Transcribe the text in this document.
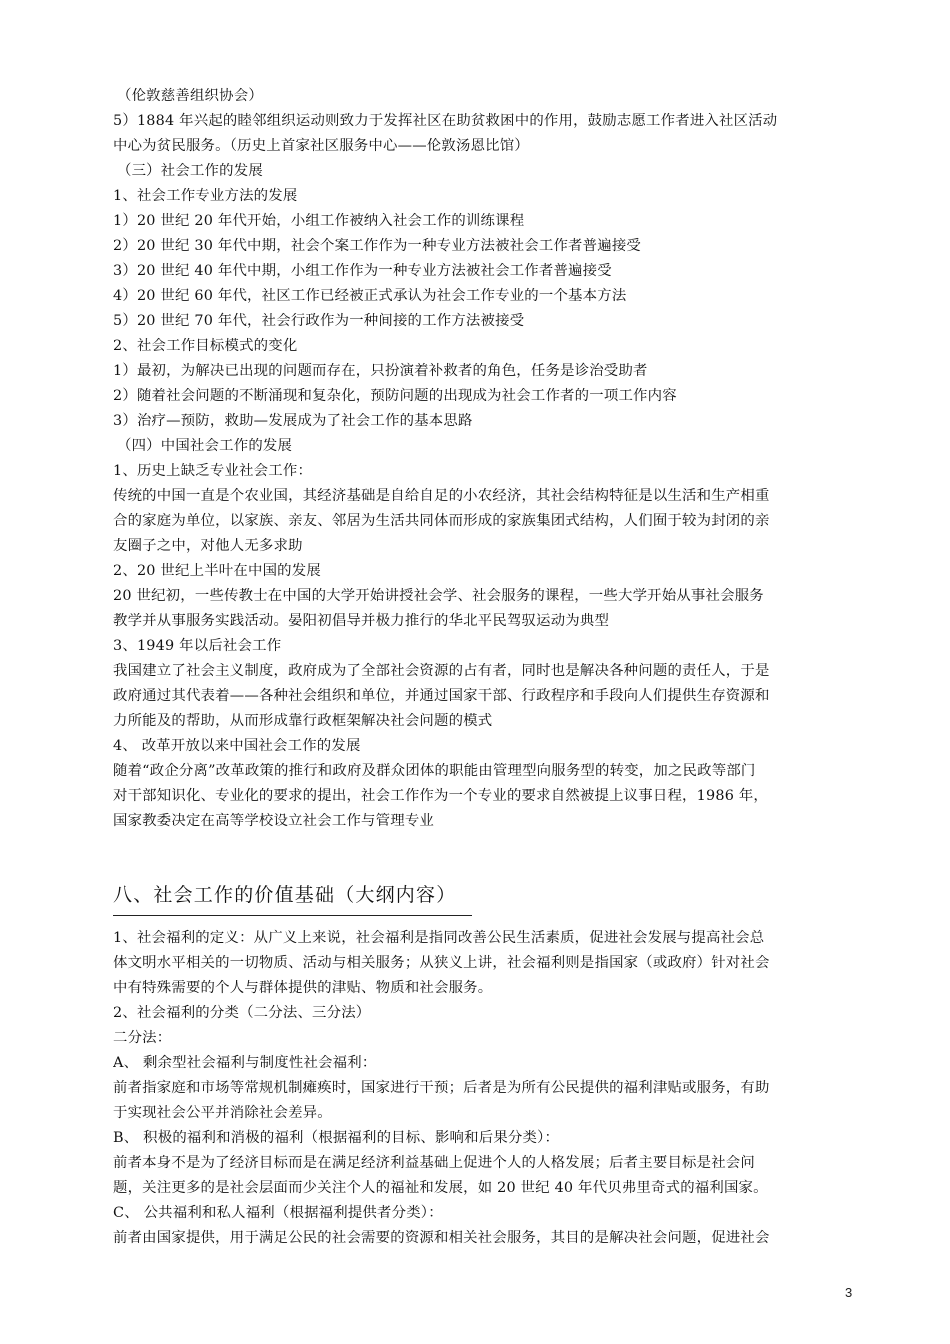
（伦敦慈善组织协会）
5）1884 年兴起的睦邻组织运动则致力于发挥社区在助贫救困中的作用，鼓励志愿工作者进入社区活动
中心为贫民服务。（历史上首家社区服务中心——伦敦汤恩比馆）
（三）社会工作的发展
1、社会工作专业方法的发展
1）20 世纪 20 年代开始，小组工作被纳入社会工作的训练课程
2）20 世纪 30 年代中期，社会个案工作作为一种专业方法被社会工作者普遍接受
3）20 世纪 40 年代中期，小组工作作为一种专业方法被社会工作者普遍接受
4）20 世纪 60 年代，社区工作已经被正式承认为社会工作专业的一个基本方法
5）20 世纪 70 年代，社会行政作为一种间接的工作方法被接受
2、社会工作目标模式的变化
1）最初，为解决已出现的问题而存在，只扮演着补救者的角色，任务是诊治受助者
2）随着社会问题的不断涌现和复杂化，预防问题的出现成为社会工作者的一项工作内容
3）治疗—预防，救助—发展成为了社会工作的基本思路
（四）中国社会工作的发展
1、历史上缺乏专业社会工作：
传统的中国一直是个农业国，其经济基础是自给自足的小农经济，其社会结构特征是以生活和生产相重
合的家庭为单位，以家族、亲友、邻居为生活共同体而形成的家族集团式结构，人们囿于较为封闭的亲
友圈子之中，对他人无多求助
2、20 世纪上半叶在中国的发展
20 世纪初，一些传教士在中国的大学开始讲授社会学、社会服务的课程，一些大学开始从事社会服务
教学并从事服务实践活动。晏阳初倡导并极力推行的华北平民驾驭运动为典型
3、1949 年以后社会工作
我国建立了社会主义制度，政府成为了全部社会资源的占有者，同时也是解决各种问题的责任人，于是
政府通过其代表着——各种社会组织和单位，并通过国家干部、行政程序和手段向人们提供生存资源和
力所能及的帮助，从而形成靠行政框架解决社会问题的模式
4、 改革开放以来中国社会工作的发展
随着“政企分离”改革政策的推行和政府及群众团体的职能由管理型向服务型的转变，加之民政等部门
对干部知识化、专业化的要求的提出，社会工作作为一个专业的要求自然被提上议事日程，1986 年，
国家教委决定在高等学校设立社会工作与管理专业
八、社会工作的价值基础（大纲内容）
1、社会福利的定义：从广义上来说，社会福利是指同改善公民生活素质，促进社会发展与提高社会总
体文明水平相关的一切物质、活动与相关服务；从狭义上讲，社会福利则是指国家（或政府）针对社会
中有特殊需要的个人与群体提供的津贴、物质和社会服务。
2、社会福利的分类（二分法、三分法）
二分法：
A、 剩余型社会福利与制度性社会福利：
前者指家庭和市场等常规机制瘫痪时，国家进行干预；后者是为所有公民提供的福利津贴或服务，有助
于实现社会公平并消除社会差异。
B、 积极的福利和消极的福利（根据福利的目标、影响和后果分类）：
前者本身不是为了经济目标而是在满足经济利益基础上促进个人的人格发展；后者主要目标是社会问
题，关注更多的是社会层面而少关注个人的福祉和发展，如 20 世纪 40 年代贝弗里奇式的福利国家。
C、 公共福利和私人福利（根据福利提供者分类）：
前者由国家提供，用于满足公民的社会需要的资源和相关社会服务，其目的是解决社会问题，促进社会
3
